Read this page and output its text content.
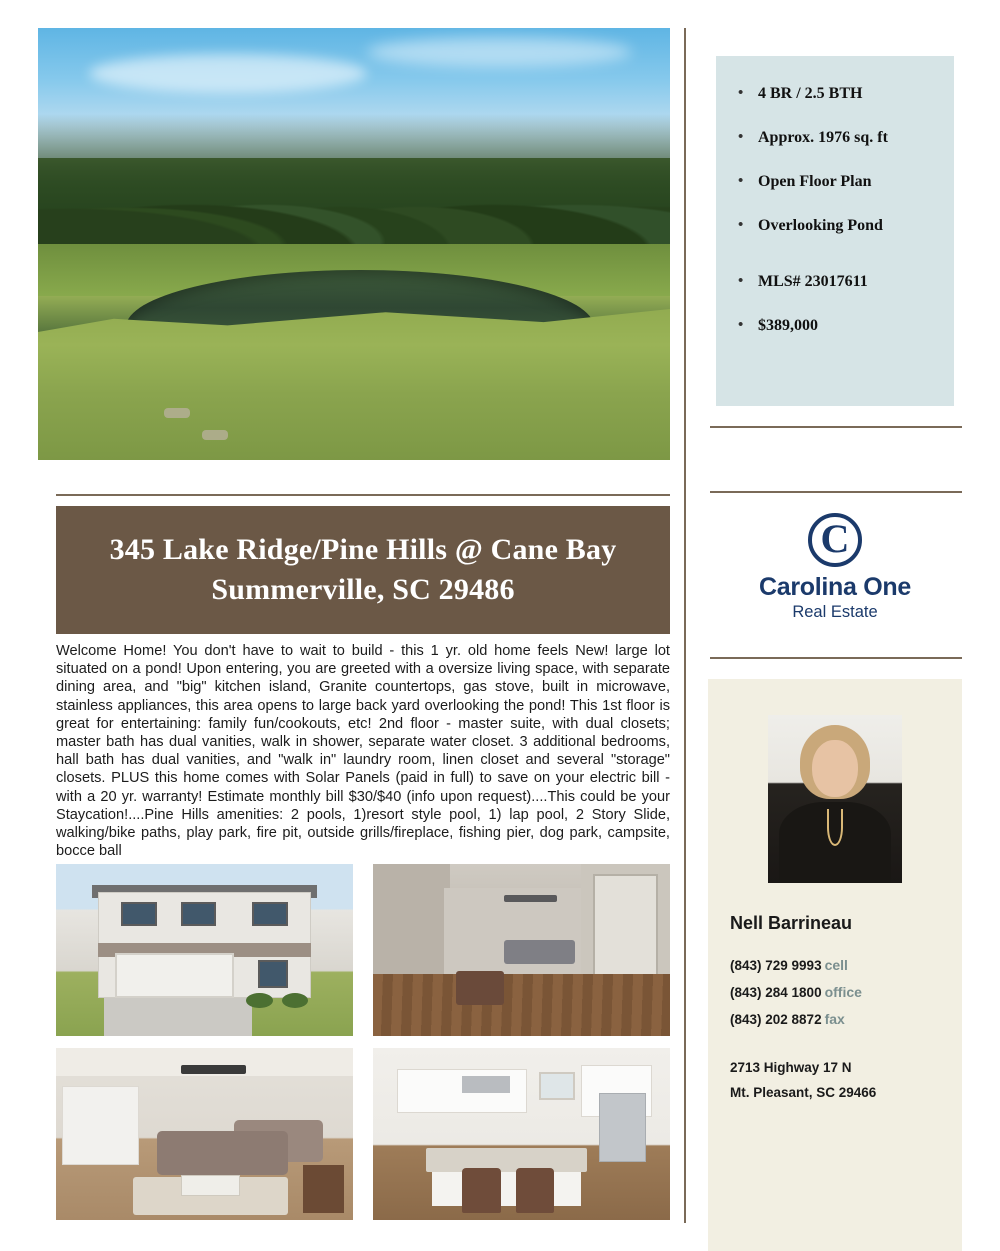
345 Lake Ridge/Pine Hills @ Cane Bay
Summerville, SC 29486
Welcome Home! You don't have to wait to build - this 1 yr. old home feels New! large lot situated on a pond! Upon entering, you are greeted with a oversize living space, with separate dining area, and "big" kitchen island, Granite countertops, gas stove, built in microwave, stainless appliances, this area opens to large back yard overlooking the pond! This 1st floor is great for entertaining: family fun/cookouts, etc! 2nd floor - master suite, with dual closets; master bath has dual vanities, walk in shower, separate water closet. 3 additional bedrooms, hall bath has dual vanities, and "walk in" laundry room, linen closet and several "storage" closets. PLUS this home comes with Solar Panels (paid in full) to save on your electric bill - with a 20 yr. warranty! Estimate monthly bill $30/$40 (info upon request)....This could be your Staycation!....Pine Hills amenities: 2 pools, 1)resort style pool, 1) lap pool, 2 Story Slide, walking/bike paths, play park, fire pit, outside grills/fireplace, fishing pier, dog park, campsite, bocce ball
• 4 BR / 2.5 BTH
• Approx. 1976 sq. ft
• Open Floor Plan
• Overlooking Pond
• MLS# 23017611
• $389,000
C
Carolina One
Real Estate
Nell Barrineau
(843) 729 9993 cell
(843) 284 1800 office
(843) 202 8872 fax
2713 Highway 17 N
Mt. Pleasant, SC 29466
